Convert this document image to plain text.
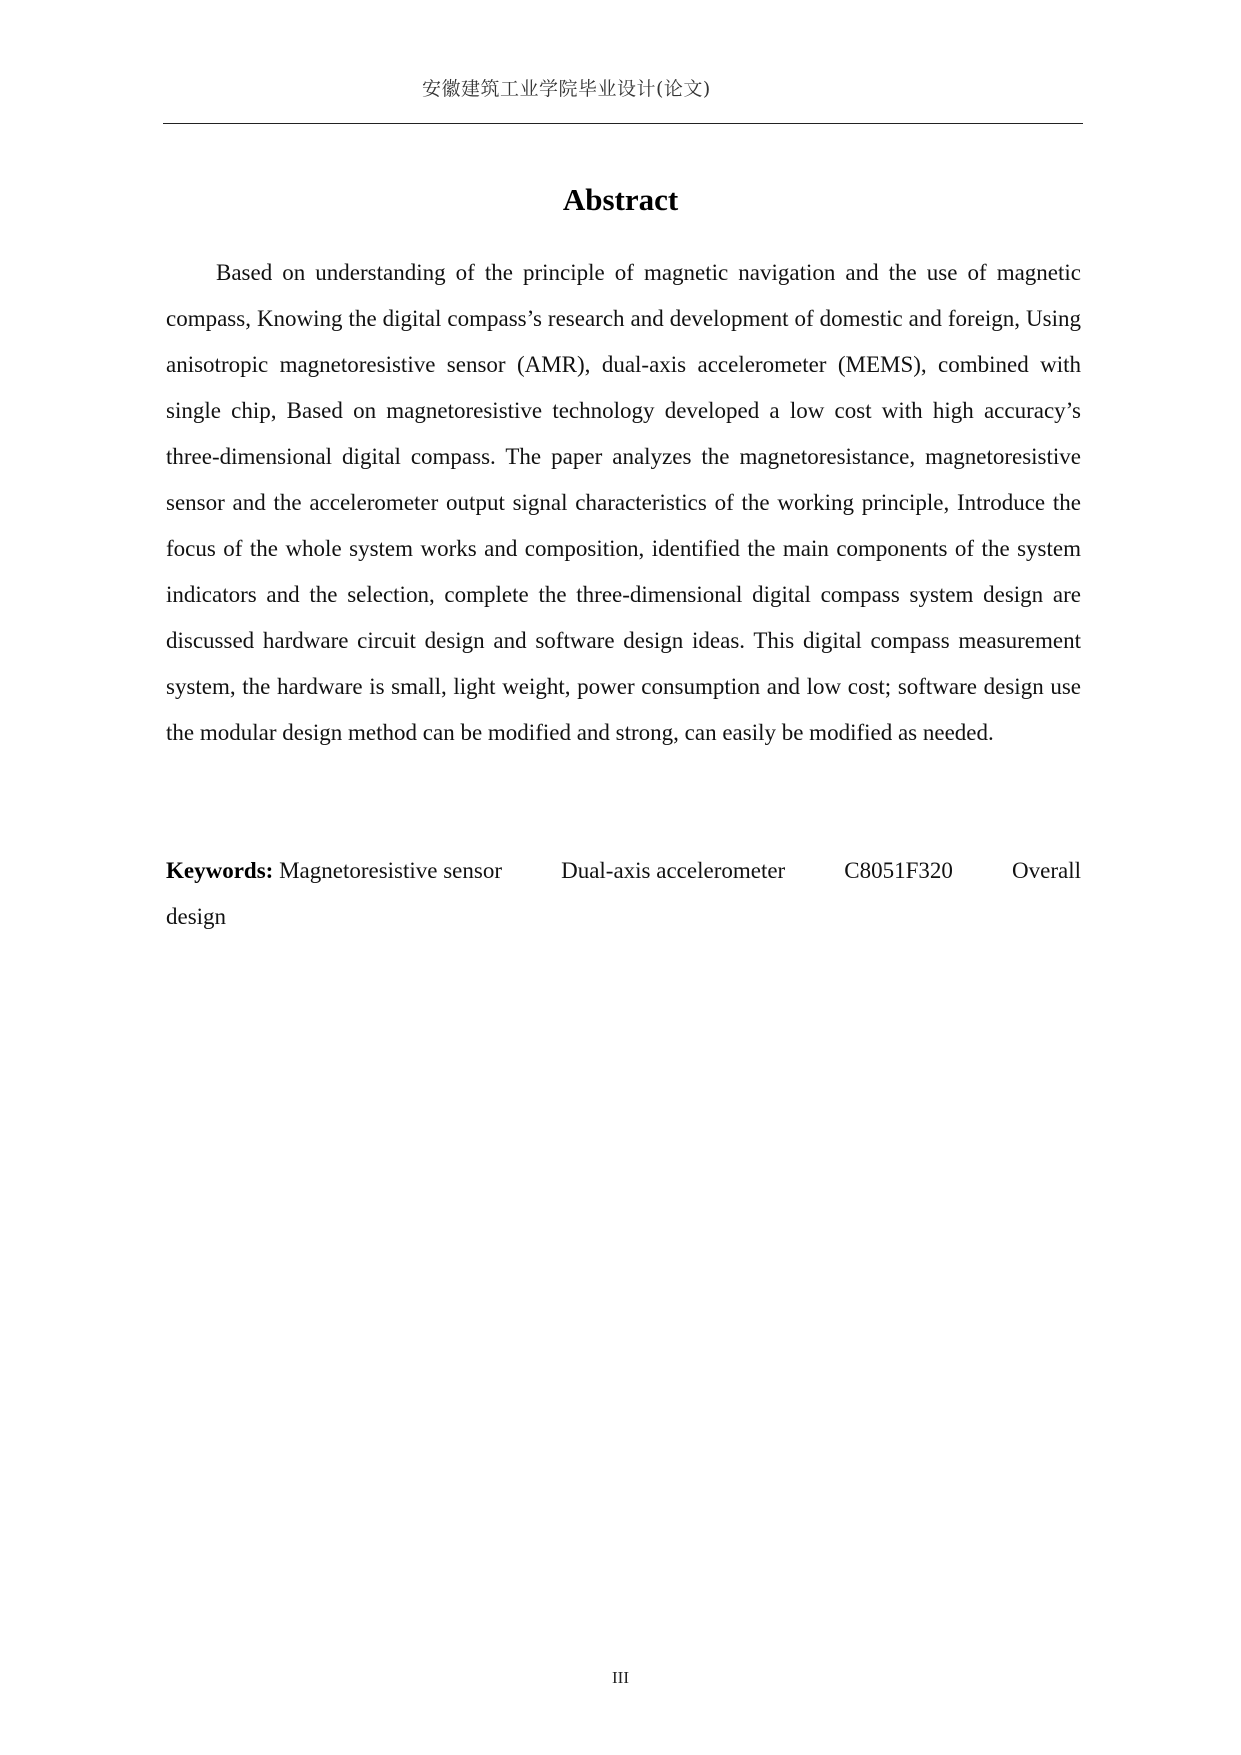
安徽建筑工业学院毕业设计(论文)
Abstract

Based on understanding of the principle of magnetic navigation and the use of magnetic compass, Knowing the digital compass’s research and development of domestic and foreign, Using anisotropic magnetoresistive sensor (AMR), dual-axis accelerometer (MEMS), combined with single chip, Based on magnetoresistive technology developed a low cost with high accuracy’s three-dimensional digital compass. The paper analyzes the magnetoresistance, magnetoresistive sensor and the accelerometer output signal characteristics of the working principle, Introduce the focus of the whole system works and composition, identified the main components of the system indicators and the selection, complete the three-dimensional digital compass system design are discussed hardware circuit design and software design ideas. This digital compass measurement system, the hardware is small, light weight, power consumption and low cost; software design use the modular design method can be modified and strong, can easily be modified as needed.

Keywords: Magnetoresistive sensor	Dual-axis accelerometer	C8051F320	Overall
design
III
